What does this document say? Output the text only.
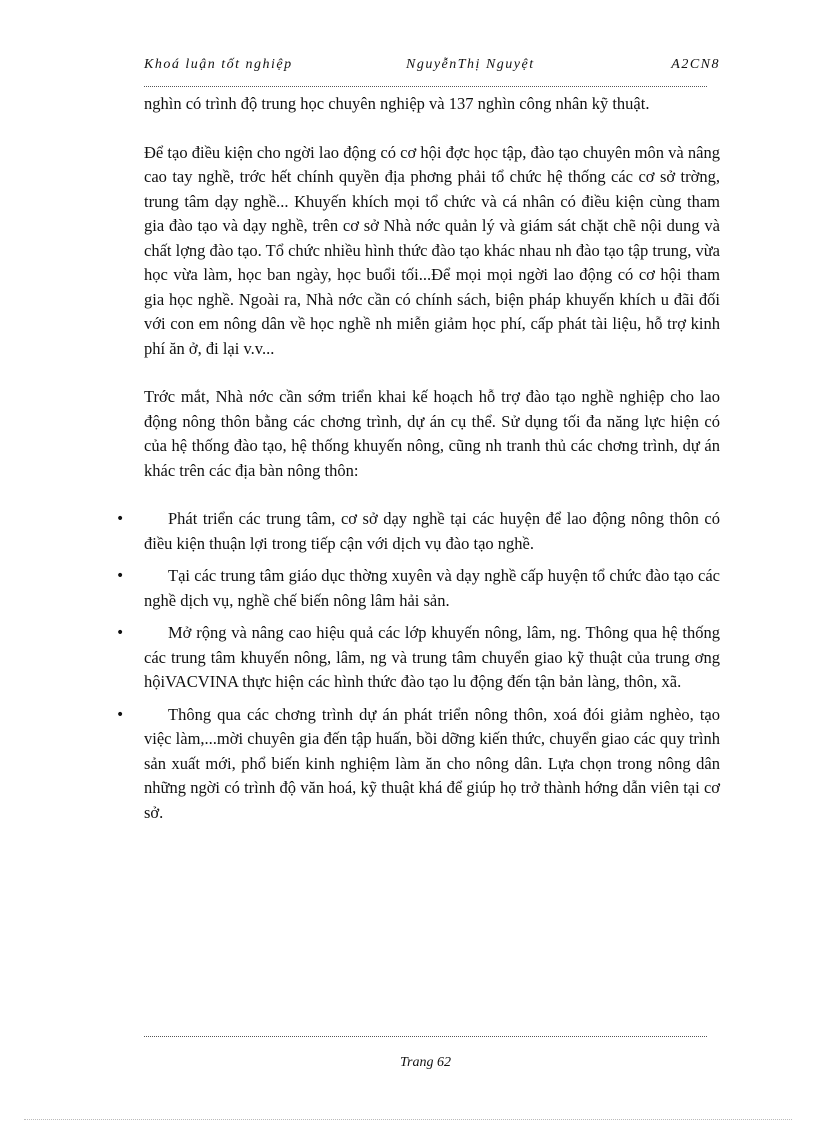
Khoá luận tốt nghiệp	NguyễnThị Nguyệt	A2CN8

nghìn có trình độ trung học chuyên nghiệp và 137 nghìn công nhân kỹ thuật.

Để tạo điều kiện cho ngời lao động có cơ hội đợc học tập, đào tạo chuyên môn và nâng cao tay nghề, trớc hết chính quyền địa phơng phải tổ chức hệ thống các cơ sở trờng, trung tâm dạy nghề... Khuyến khích mọi tổ chức và cá nhân có điều kiện cùng tham gia đào tạo và dạy nghề, trên cơ sở Nhà nớc quản lý và giám sát chặt chẽ nội dung và chất lợng đào tạo. Tổ chức nhiều hình thức đào tạo khác nhau nh đào tạo tập trung, vừa học vừa làm, học ban ngày, học buổi tối...Để mọi mọi ngời lao động có cơ hội tham gia học nghề. Ngoài ra, Nhà nớc cần có chính sách, biện pháp khuyến khích u đãi đối với con em nông dân về học nghề nh miễn giảm học phí, cấp phát tài liệu, hỗ trợ kinh phí ăn ở, đi lại v.v...

Trớc mắt, Nhà nớc cần sớm triển khai kế hoạch hỗ trợ đào tạo nghề nghiệp cho lao động nông thôn bằng các chơng trình, dự án cụ thể. Sử dụng tối đa năng lực hiện có của hệ thống đào tạo, hệ thống khuyến nông, cũng nh tranh thủ các chơng trình, dự án khác trên các địa bàn nông thôn:

•	Phát triển các trung tâm, cơ sở dạy nghề tại các huyện để lao động nông thôn có điều kiện thuận lợi trong tiếp cận với dịch vụ đào tạo nghề.
•	Tại các trung tâm giáo dục thờng xuyên và dạy nghề cấp huyện tổ chức đào tạo các nghề dịch vụ, nghề chế biến nông lâm hải sản.
•	Mở rộng và nâng cao hiệu quả các lớp khuyến nông, lâm, ng. Thông qua hệ thống các trung tâm khuyến nông, lâm, ng và trung tâm chuyển giao kỹ thuật của trung ơng hộiVACVINA thực hiện các hình thức đào tạo lu động đến tận bản làng, thôn, xã.
•	Thông qua các chơng trình dự án phát triển nông thôn, xoá đói giảm nghèo, tạo việc làm,...mời chuyên gia đến tập huấn, bồi dỡng kiến thức, chuyển giao các quy trình sản xuất mới, phổ biến kinh nghiệm làm ăn cho nông dân. Lựa chọn trong nông dân những ngời có trình độ văn hoá, kỹ thuật khá để giúp họ trở thành hớng dẫn viên tại cơ sở.
Trang 62
